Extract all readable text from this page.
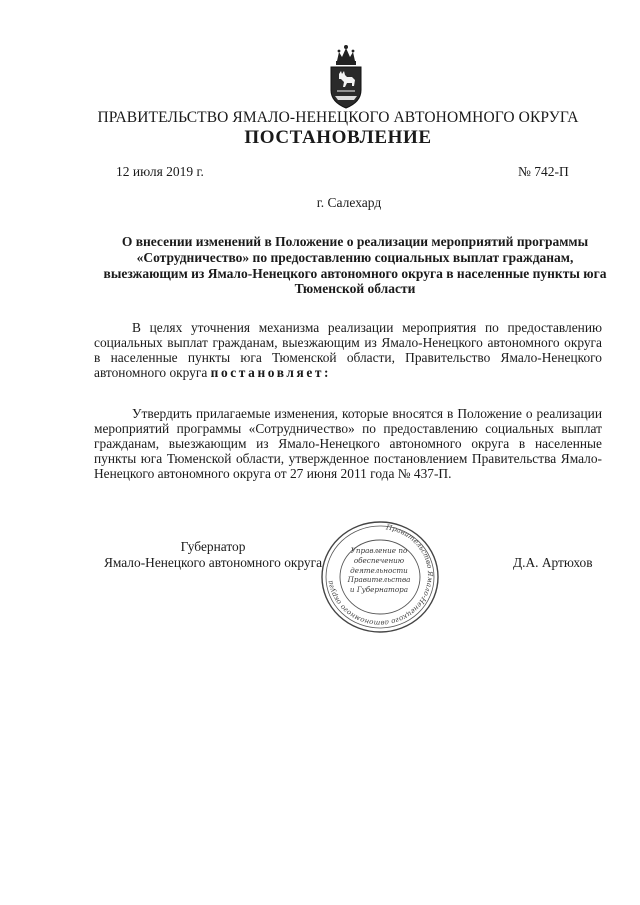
ПРАВИТЕЛЬСТВО ЯМАЛО-НЕНЕЦКОГО АВТОНОМНОГО ОКРУГА
ПОСТАНОВЛЕНИЕ
12 июля 2019 г.	№ 742-П
г. Салехард
О внесении изменений в Положение о реализации мероприятий программы «Сотрудничество» по предоставлению социальных выплат гражданам, выезжающим из Ямало-Ненецкого автономного округа в населенные пункты юга Тюменской области
В целях уточнения механизма реализации мероприятия по предоставлению социальных выплат гражданам, выезжающим из Ямало-Ненецкого автономного округа в населенные пункты юга Тюменской области, Правительство Ямало-Ненецкого автономного округа постановляет:
Утвердить прилагаемые изменения, которые вносятся в Положение о реализации мероприятий программы «Сотрудничество» по предоставлению социальных выплат гражданам, выезжающим из Ямало-Ненецкого автономного округа в населенные пункты юга Тюменской области, утвержденное постановлением Правительства Ямало-Ненецкого автономного округа от 27 июня 2011 года № 437-П.
Губернатор
Ямало-Ненецкого автономного округа
Правительство Ямало-Ненецкого автономного округа
Управление по
обеспечению
деятельности
Правительства
и Губернатора
Д.А. Артюхов
